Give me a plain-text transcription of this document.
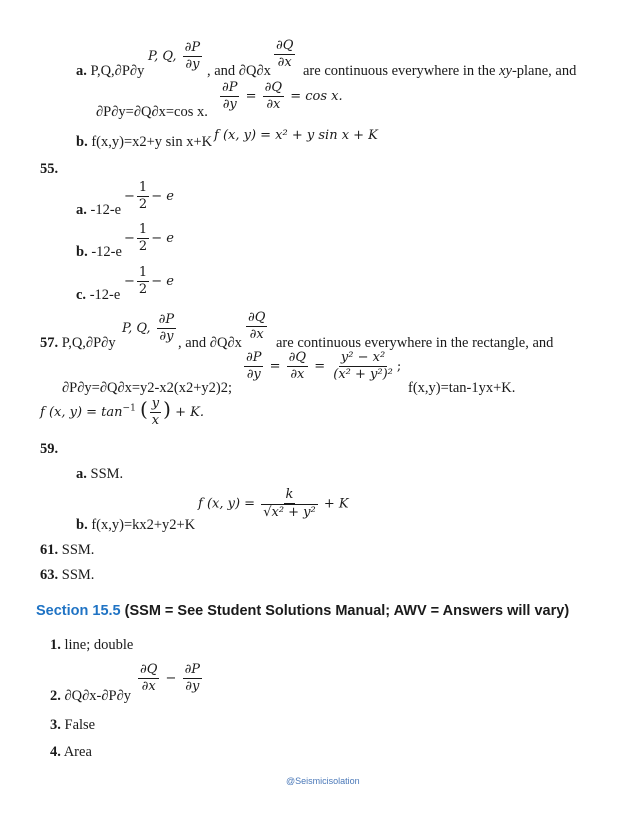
a. P,Q,∂P∂y
P, Q, $\frac{\partial P}{\partial y}$ , and $\partial Q\partial x \frac{\partial Q}{\partial x}$ are continuous everywhere in the xy-plane, and
∂P∂y=∂Q∂x=cos x. $\frac{\partial P}{\partial y} = \frac{\partial Q}{\partial x} = \cos x$.
b. f(x,y)=x2+y sin x+K f (x, y) = x² + y sin x + K
55.
a. -12-e
− $\frac{1}{2} - e$
b. -12-e
− $\frac{1}{2} - e$
c. -12-e
− $\frac{1}{2} - e$
57. P,Q,∂P∂y
P, Q, $\frac{\partial P}{\partial y}$ , and $\partial Q\partial x \frac{\partial Q}{\partial x}$ are continuous everywhere in the rectangle, and
∂P∂y=∂Q∂x=y2-x2(x2+y2)2;
$\frac{\partial P}{\partial y} = \frac{\partial Q}{\partial x} = \frac{\text{y² − x²}}{\text{(x² + y²)²}}$ ;
f(x,y)=tan-1yx+K.
f (x, $y) = \tan^{-1}$ ( $\frac{y}{x}$ ) + K.
59.
a. SSM.
b. f(x,y)=kx2+y2+K
f (x, $y) = \frac{k}{\text{√x² + y²}} + K$
61. SSM.
63. SSM.
Section 15.5 (SSM = See Student Solutions Manual; AWV = Answers will vary)
1. line; double
2. ∂Q∂x-∂P∂y
$\frac{\partial Q}{\partial x} - \frac{\partial P}{\partial y}$
3. False
4. Area
@Seismicisolation
